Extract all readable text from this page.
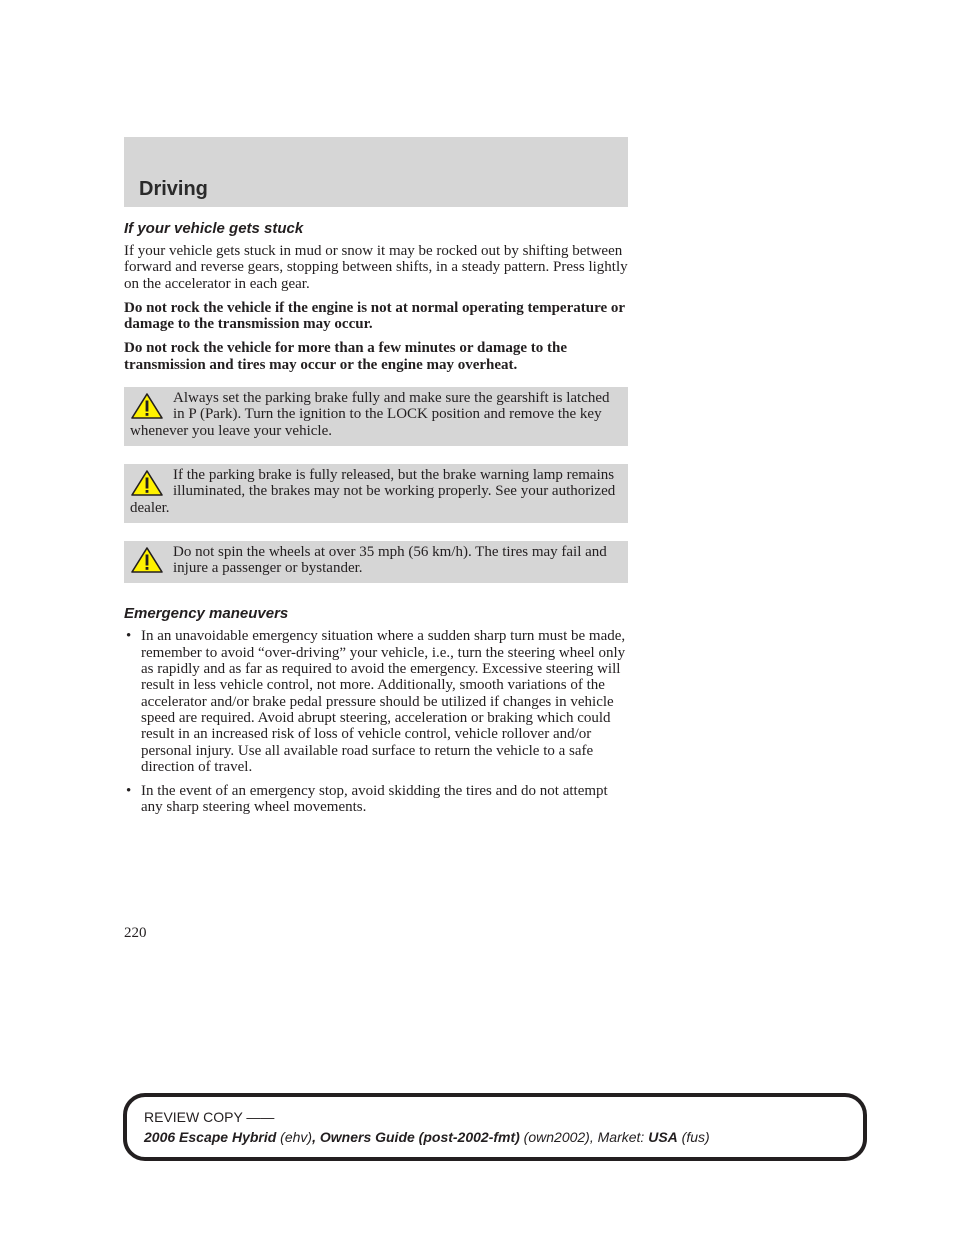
Driving
If your vehicle gets stuck

If your vehicle gets stuck in mud or snow it may be rocked out by shifting between forward and reverse gears, stopping between shifts, in a steady pattern. Press lightly on the accelerator in each gear.

Do not rock the vehicle if the engine is not at normal operating temperature or damage to the transmission may occur.

Do not rock the vehicle for more than a few minutes or damage to the transmission and tires may occur or the engine may overheat.

Always set the parking brake fully and make sure the gearshift is latched in P (Park). Turn the ignition to the LOCK position and remove the key whenever you leave your vehicle.
If the parking brake is fully released, but the brake warning lamp remains illuminated, the brakes may not be working properly. See your authorized dealer.
Do not spin the wheels at over 35 mph (56 km/h). The tires may fail and injure a passenger or bystander.
Emergency maneuvers
• In an unavoidable emergency situation where a sudden sharp turn must be made, remember to avoid “over-driving” your vehicle, i.e., turn the steering wheel only as rapidly and as far as required to avoid the emergency. Excessive steering will result in less vehicle control, not more. Additionally, smooth variations of the accelerator and/or brake pedal pressure should be utilized if changes in vehicle speed are required. Avoid abrupt steering, acceleration or braking which could result in an increased risk of loss of vehicle control, vehicle rollover and/or personal injury. Use all available road surface to return the vehicle to a safe direction of travel.
• In the event of an emergency stop, avoid skidding the tires and do not attempt any sharp steering wheel movements.
220
REVIEW COPY ——
2006 Escape Hybrid (ehv), Owners Guide (post-2002-fmt) (own2002), Market: USA (fus)
